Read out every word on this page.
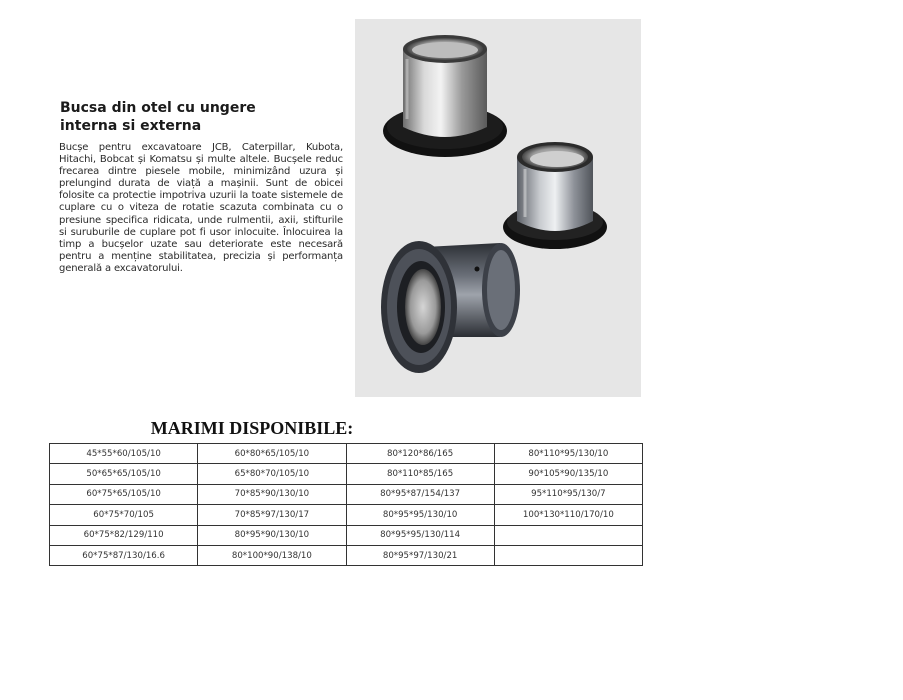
Bucsa din otel cu ungere interna si externa
Bucșe pentru excavatoare JCB, Caterpillar, Kubota, Hitachi, Bobcat și Komatsu și multe altele. Bucșele reduc frecarea dintre piesele mobile, minimizând uzura și prelungind durata de viață a mașinii. Sunt de obicei folosite ca protectie impotriva uzurii la toate sistemele de cuplare cu o viteza de rotatie scazuta combinata cu o presiune specifica ridicata, unde rulmentii, axii, stifturile si suruburile de cuplare pot fi usor inlocuite. Înlocuirea la timp a bucșelor uzate sau deteriorate este necesară pentru a menține stabilitatea, precizia și performanța generală a excavatorului.
MARIMI DISPONIBILE:
45*55*60/105/10	60*80*65/105/10	80*120*86/165	80*110*95/130/10
50*65*65/105/10	65*80*70/105/10	80*110*85/165	90*105*90/135/10
60*75*65/105/10	70*85*90/130/10	80*95*87/154/137	95*110*95/130/7
60*75*70/105	70*85*97/130/17	80*95*95/130/10	100*130*110/170/10
60*75*82/129/110	80*95*90/130/10	80*95*95/130/114	
60*75*87/130/16.6	80*100*90/138/10	80*95*97/130/21	
